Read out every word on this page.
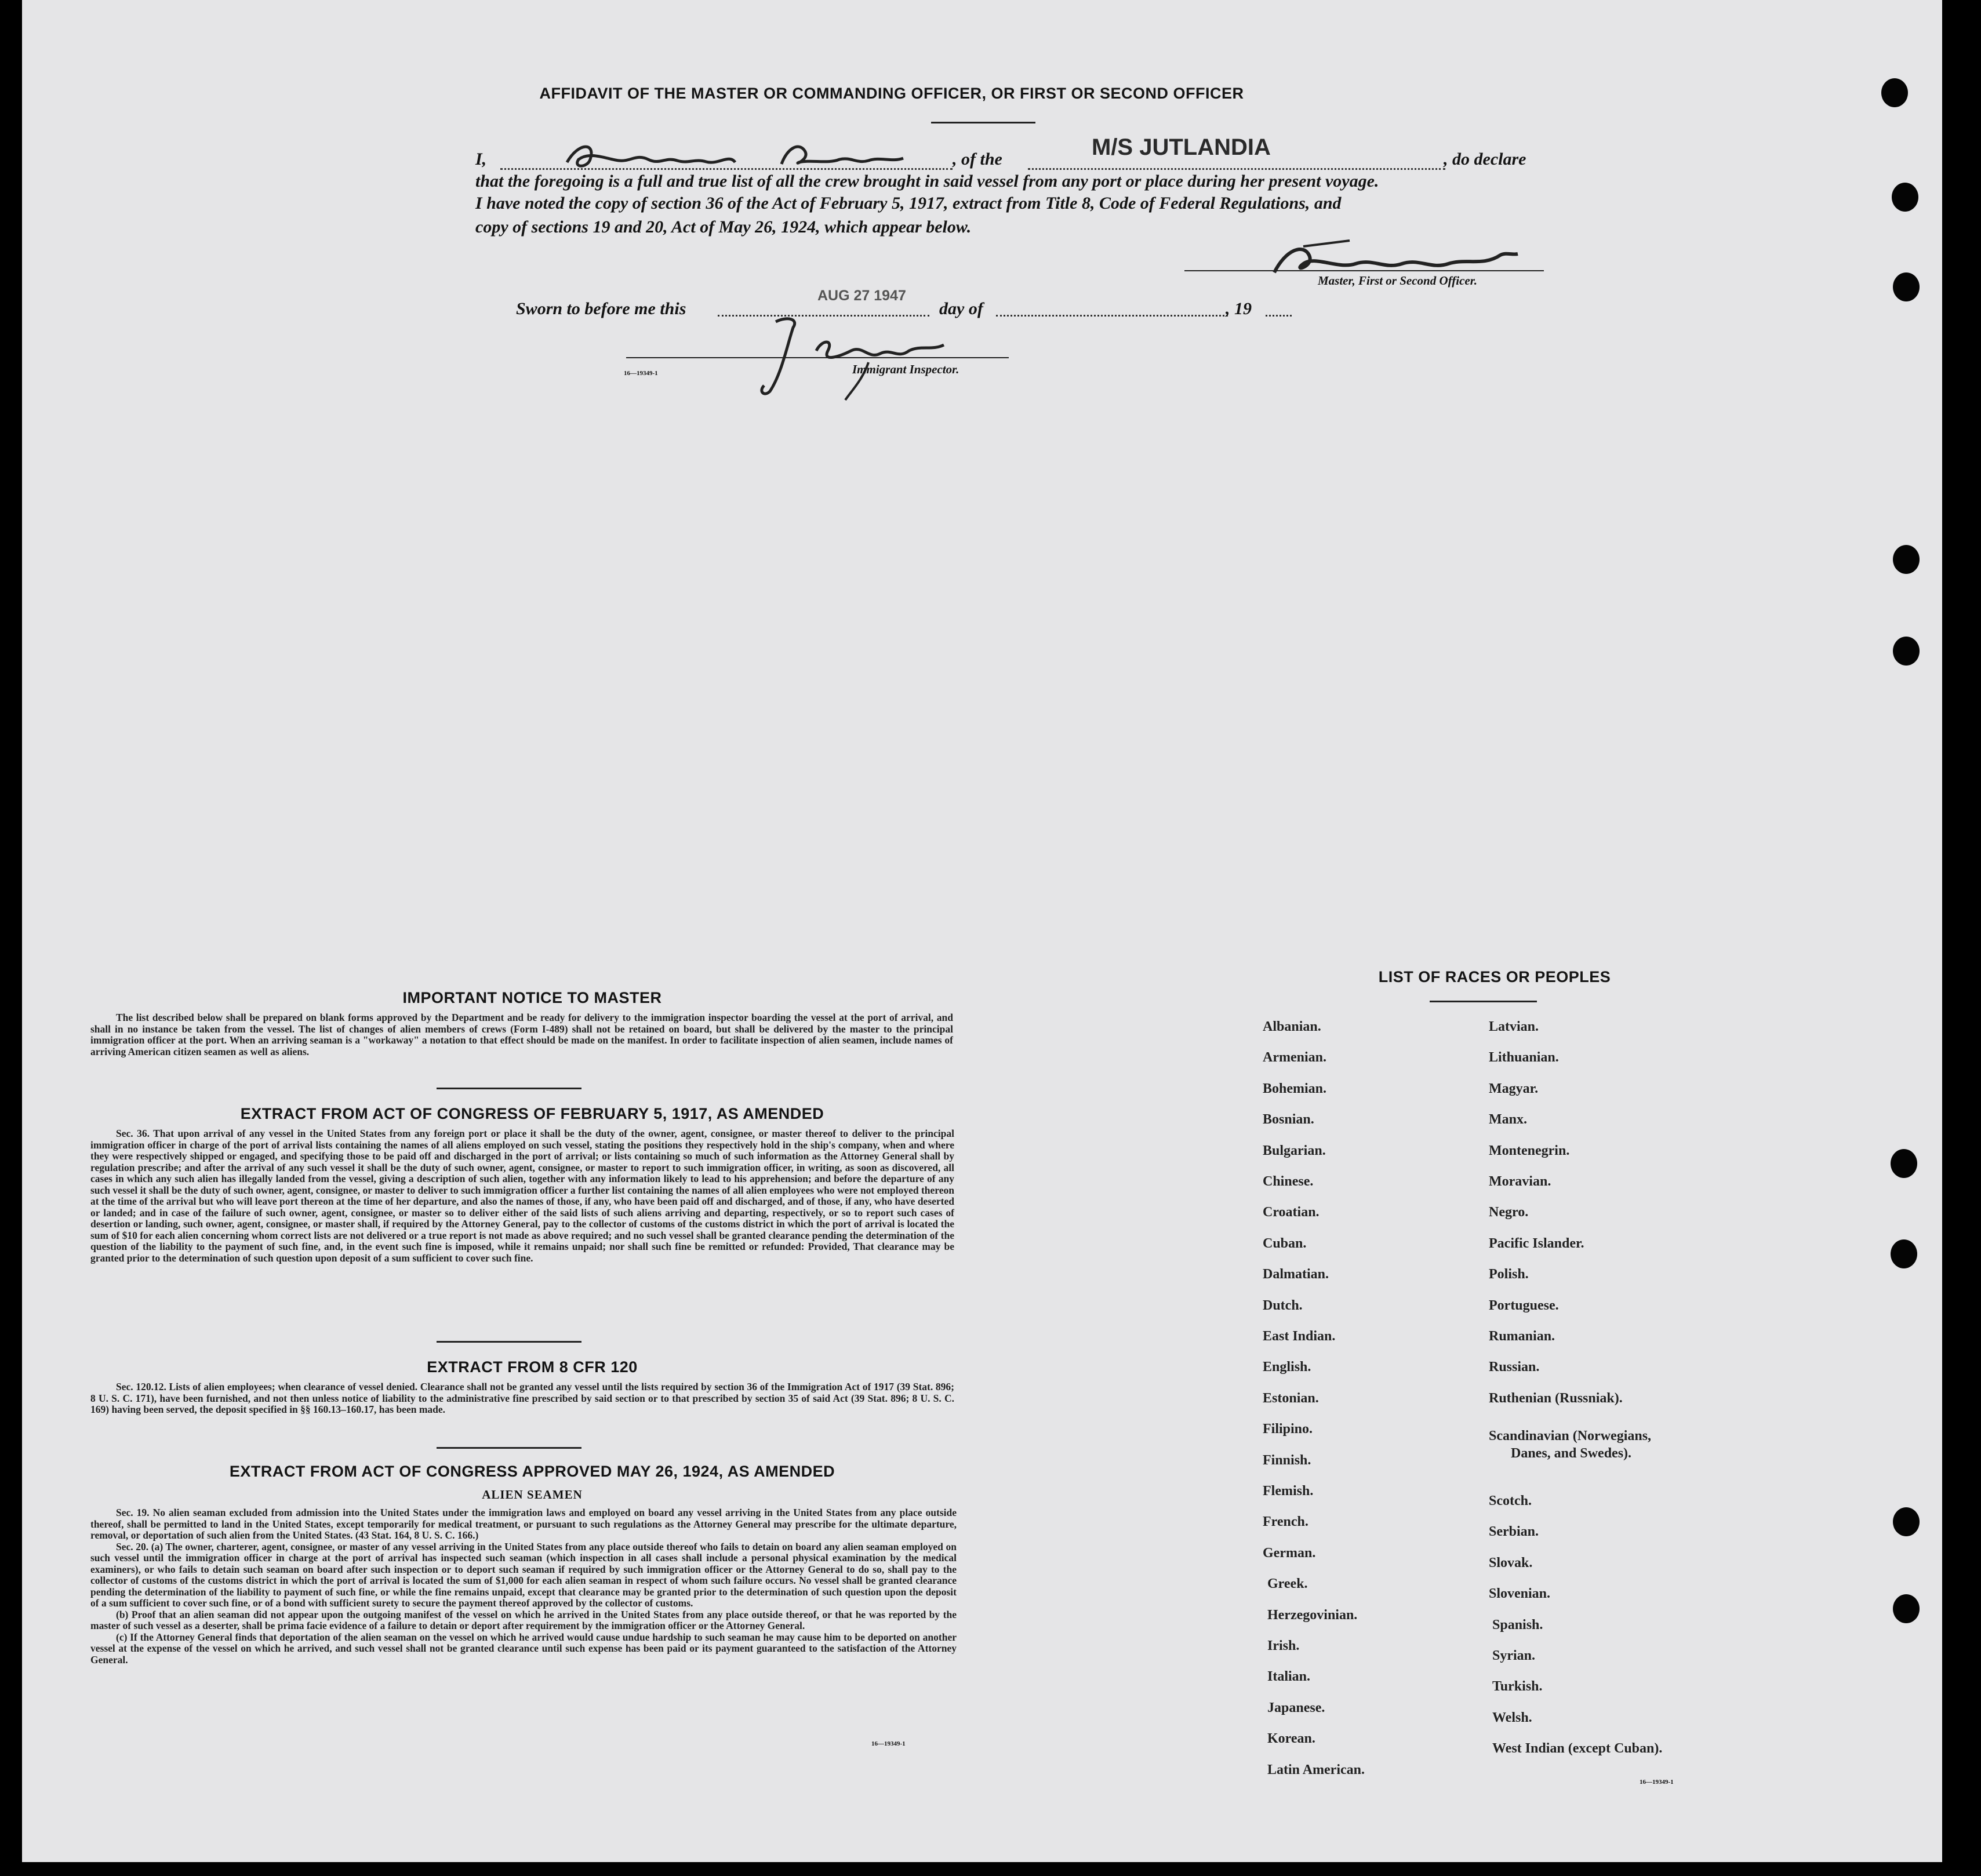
AFFIDAVIT OF THE MASTER OR COMMANDING OFFICER, OR FIRST OR SECOND OFFICER
I,	, of the	M/S JUTLANDIA	, do declare
that the foregoing is a full and true list of all the crew brought in said vessel from any port or place during her present voyage.
I have noted the copy of section 36 of the Act of February 5, 1917, extract from Title 8, Code of Federal Regulations, and
copy of sections 19 and 20, Act of May 26, 1924, which appear below.
Master, First or Second Officer.
Sworn to before me this
AUG 27 1947
day of	, 19
16—19349-1	Immigrant Inspector.
IMPORTANT NOTICE TO MASTER

The list described below shall be prepared on blank forms approved by the Department and be ready for delivery to the immigration inspector boarding the vessel at the port of arrival, and shall in no instance be taken from the vessel. The list of changes of alien members of crews (Form I-489) shall not be retained on board, but shall be delivered by the master to the principal immigration officer at the port. When an arriving seaman is a "workaway" a notation to that effect should be made on the manifest. In order to facilitate inspection of alien seamen, include names of arriving American citizen seamen as well as aliens.

EXTRACT FROM ACT OF CONGRESS OF FEBRUARY 5, 1917, AS AMENDED

Sec. 36. That upon arrival of any vessel in the United States from any foreign port or place it shall be the duty of the owner, agent, consignee, or master thereof to deliver to the principal immigration officer in charge of the port of arrival lists containing the names of all aliens employed on such vessel, stating the positions they respectively hold in the ship's company, when and where they were respectively shipped or engaged, and specifying those to be paid off and discharged in the port of arrival; or lists containing so much of such information as the Attorney General shall by regulation prescribe; and after the arrival of any such vessel it shall be the duty of such owner, agent, consignee, or master to report to such immigration officer, in writing, as soon as discovered, all cases in which any such alien has illegally landed from the vessel, giving a description of such alien, together with any information likely to lead to his apprehension; and before the departure of any such vessel it shall be the duty of such owner, agent, consignee, or master to deliver to such immigration officer a further list containing the names of all alien employees who were not employed thereon at the time of the arrival but who will leave port thereon at the time of her departure, and also the names of those, if any, who have been paid off and discharged, and of those, if any, who have deserted or landed; and in case of the failure of such owner, agent, consignee, or master so to deliver either of the said lists of such aliens arriving and departing, respectively, or so to report such cases of desertion or landing, such owner, agent, consignee, or master shall, if required by the Attorney General, pay to the collector of customs of the customs district in which the port of arrival is located the sum of $10 for each alien concerning whom correct lists are not delivered or a true report is not made as above required; and no such vessel shall be granted clearance pending the determination of the question of the liability to the payment of such fine, and, in the event such fine is imposed, while it remains unpaid; nor shall such fine be remitted or refunded: Provided, That clearance may be granted prior to the determination of such question upon deposit of a sum sufficient to cover such fine.

EXTRACT FROM 8 CFR 120

Sec. 120.12. Lists of alien employees; when clearance of vessel denied. Clearance shall not be granted any vessel until the lists required by section 36 of the Immigration Act of 1917 (39 Stat. 896; 8 U. S. C. 171), have been furnished, and not then unless notice of liability to the administrative fine prescribed by said section or to that prescribed by section 35 of said Act (39 Stat. 896; 8 U. S. C. 169) having been served, the deposit specified in §§ 160.13–160.17, has been made.

EXTRACT FROM ACT OF CONGRESS APPROVED MAY 26, 1924, AS AMENDED
ALIEN SEAMEN

Sec. 19. No alien seaman excluded from admission into the United States under the immigration laws and employed on board any vessel arriving in the United States from any place outside thereof, shall be permitted to land in the United States, except temporarily for medical treatment, or pursuant to such regulations as the Attorney General may prescribe for the ultimate departure, removal, or deportation of such alien from the United States. (43 Stat. 164, 8 U. S. C. 166.)

Sec. 20. (a) The owner, charterer, agent, consignee, or master of any vessel arriving in the United States from any place outside thereof who fails to detain on board any alien seaman employed on such vessel until the immigration officer in charge at the port of arrival has inspected such seaman (which inspection in all cases shall include a personal physical examination by the medical examiners), or who fails to detain such seaman on board after such inspection or to deport such seaman if required by such immigration officer or the Attorney General to do so, shall pay to the collector of customs of the customs district in which the port of arrival is located the sum of $1,000 for each alien seaman in respect of whom such failure occurs. No vessel shall be granted clearance pending the determination of the liability to payment of such fine, or while the fine remains unpaid, except that clearance may be granted prior to the determination of such question upon the deposit of a sum sufficient to cover such fine, or of a bond with sufficient surety to secure the payment thereof approved by the collector of customs.

(b) Proof that an alien seaman did not appear upon the outgoing manifest of the vessel on which he arrived in the United States from any place outside thereof, or that he was reported by the master of such vessel as a deserter, shall be prima facie evidence of a failure to detain or deport after requirement by the immigration officer or the Attorney General.

(c) If the Attorney General finds that deportation of the alien seaman on the vessel on which he arrived would cause undue hardship to such seaman he may cause him to be deported on another vessel at the expense of the vessel on which he arrived, and such vessel shall not be granted clearance until such expense has been paid or its payment guaranteed to the satisfaction of the Attorney General.

16—19349-1
LIST OF RACES OR PEOPLES
16—19349-1
Albanian.
Armenian.
Bohemian.
Bosnian.
Bulgarian.
Chinese.
Croatian.
Cuban.
Dalmatian.
Dutch.
East Indian.
English.
Estonian.
Filipino.
Finnish.
Flemish.
French.
German.
Greek.
Herzegovinian.
Irish.
Italian.
Japanese.
Korean.
Latin American.
Latvian.
Lithuanian.
Magyar.
Manx.
Montenegrin.
Moravian.
Negro.
Pacific Islander.
Polish.
Portuguese.
Rumanian.
Russian.
Ruthenian (Russniak).
Scandinavian (Norwegians,
Danes, and Swedes).
Scotch.
Serbian.
Slovak.
Slovenian.
Spanish.
Syrian.
Turkish.
Welsh.
West Indian (except Cuban).
